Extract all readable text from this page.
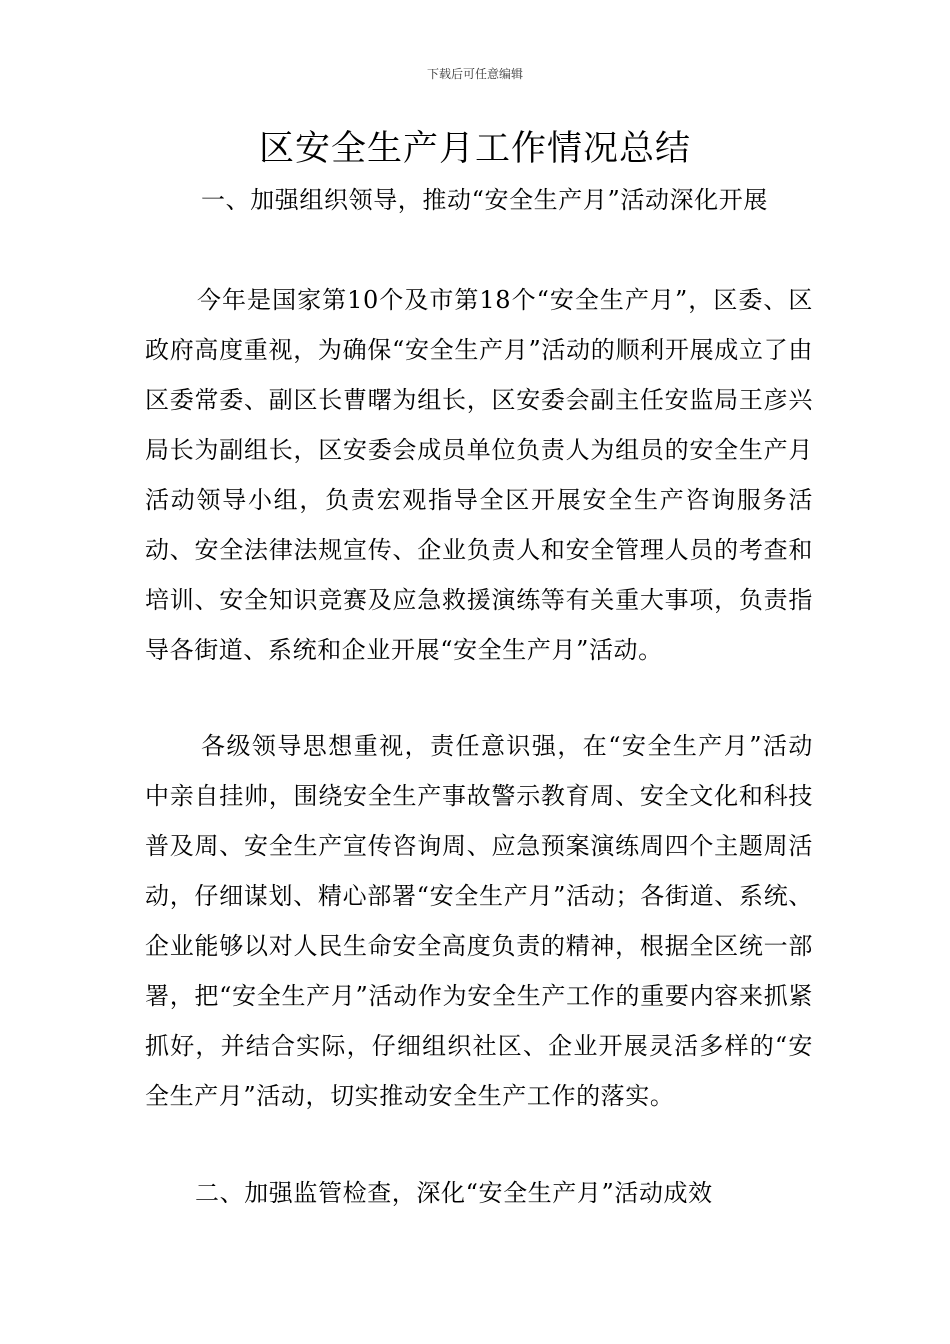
下载后可任意编辑
区安全生产月工作情况总结

一、加强组织领导，推动“安全生产月”活动深化开展

今年是国家第10个及市第18个“安全生产月”，区委、区政府高度重视，为确保“安全生产月”活动的顺利开展成立了由区委常委、副区长曹曙为组长，区安委会副主任安监局王彦兴局长为副组长，区安委会成员单位负责人为组员的安全生产月活动领导小组，负责宏观指导全区开展安全生产咨询服务活动、安全法律法规宣传、企业负责人和安全管理人员的考查和培训、安全知识竞赛及应急救援演练等有关重大事项，负责指导各街道、系统和企业开展“安全生产月”活动。

各级领导思想重视，责任意识强，在“安全生产月”活动中亲自挂帅，围绕安全生产事故警示教育周、安全文化和科技普及周、安全生产宣传咨询周、应急预案演练周四个主题周活动，仔细谋划、精心部署“安全生产月”活动；各街道、系统、企业能够以对人民生命安全高度负责的精神，根据全区统一部署，把“安全生产月”活动作为安全生产工作的重要内容来抓紧抓好，并结合实际，仔细组织社区、企业开展灵活多样的“安全生产月”活动，切实推动安全生产工作的落实。

二、加强监管检查，深化“安全生产月”活动成效
